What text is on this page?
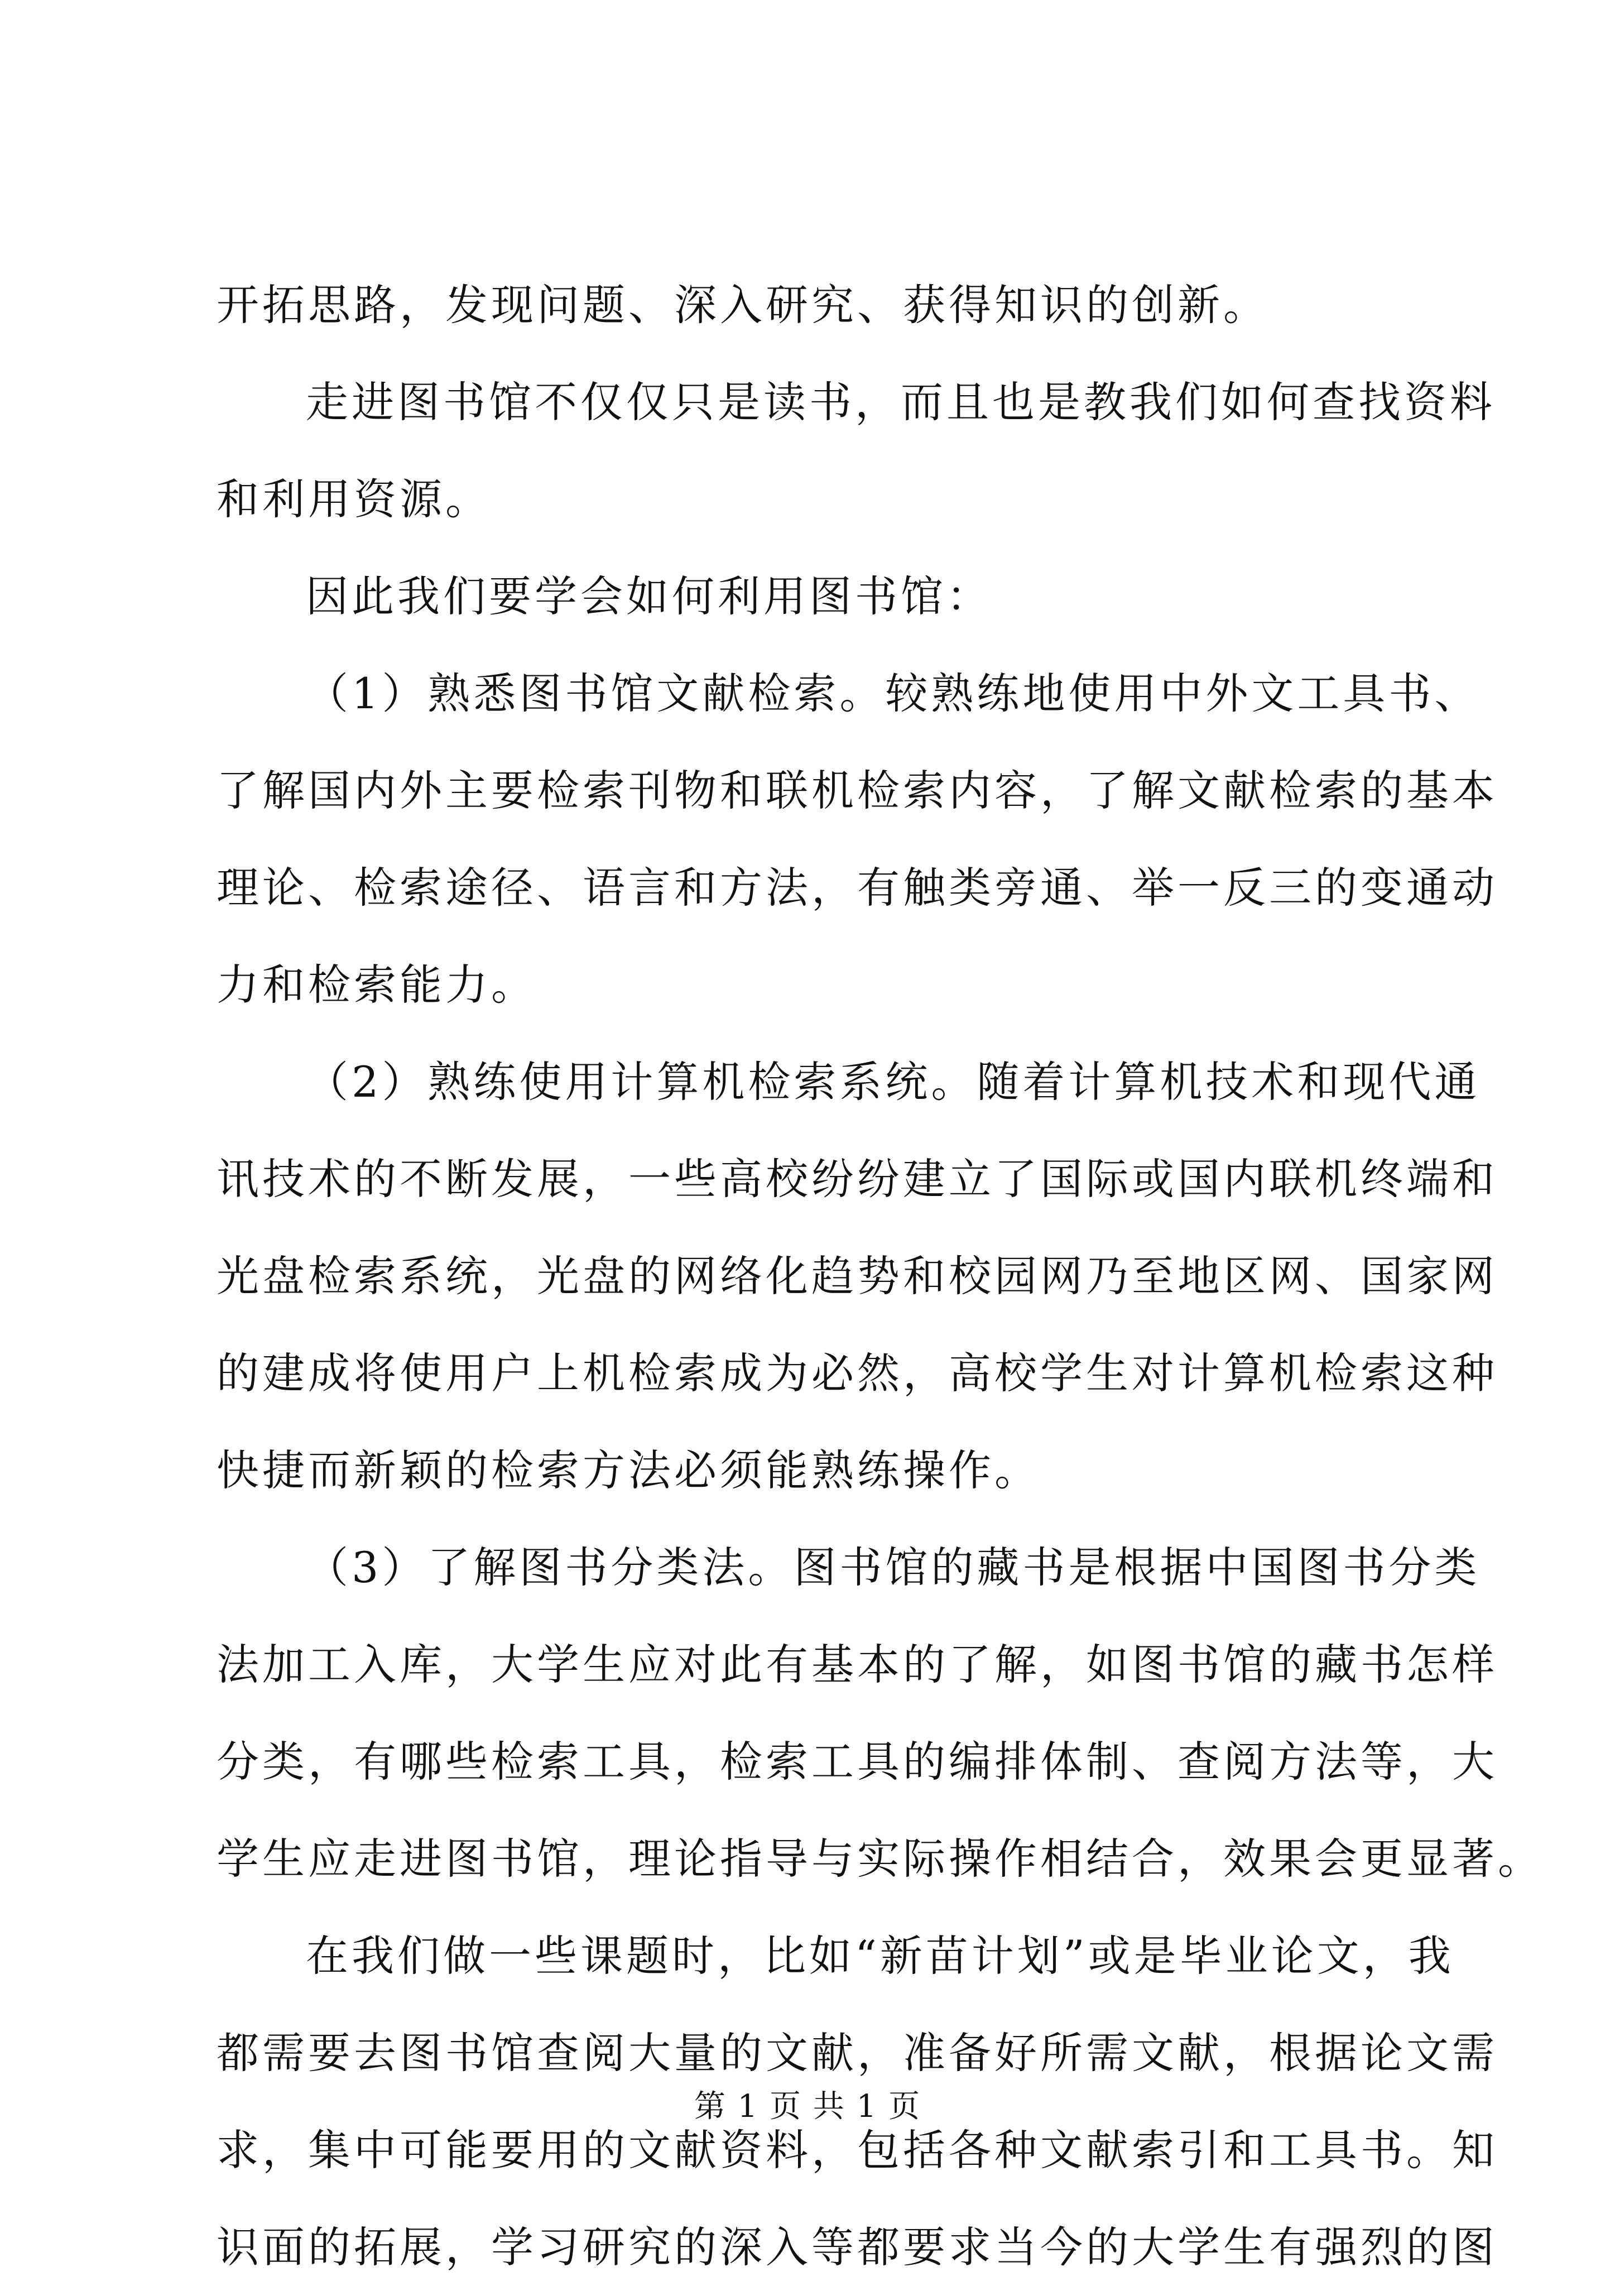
开拓思路，发现问题、深入研究、获得知识的创新。
走进图书馆不仅仅只是读书，而且也是教我们如何查找资料
和利用资源。
因此我们要学会如何利用图书馆：
（1）熟悉图书馆文献检索。较熟练地使用中外文工具书、
了解国内外主要检索刊物和联机检索内容，了解文献检索的基本
理论、检索途径、语言和方法，有触类旁通、举一反三的变通动
力和检索能力。
（2）熟练使用计算机检索系统。随着计算机技术和现代通
讯技术的不断发展，一些高校纷纷建立了国际或国内联机终端和
光盘检索系统，光盘的网络化趋势和校园网乃至地区网、国家网
的建成将使用户上机检索成为必然，高校学生对计算机检索这种
快捷而新颖的检索方法必须能熟练操作。
（3）了解图书分类法。图书馆的藏书是根据中国图书分类
法加工入库，大学生应对此有基本的了解，如图书馆的藏书怎样
分类，有哪些检索工具，检索工具的编排体制、查阅方法等，大
学生应走进图书馆，理论指导与实际操作相结合，效果会更显著。
在我们做一些课题时，比如“新苗计划”或是毕业论文，我
都需要去图书馆查阅大量的文献，准备好所需文献，根据论文需
求，集中可能要用的文献资料，包括各种文献索引和工具书。知
识面的拓展，学习研究的深入等都要求当今的大学生有强烈的图
第 1 页 共 1 页
